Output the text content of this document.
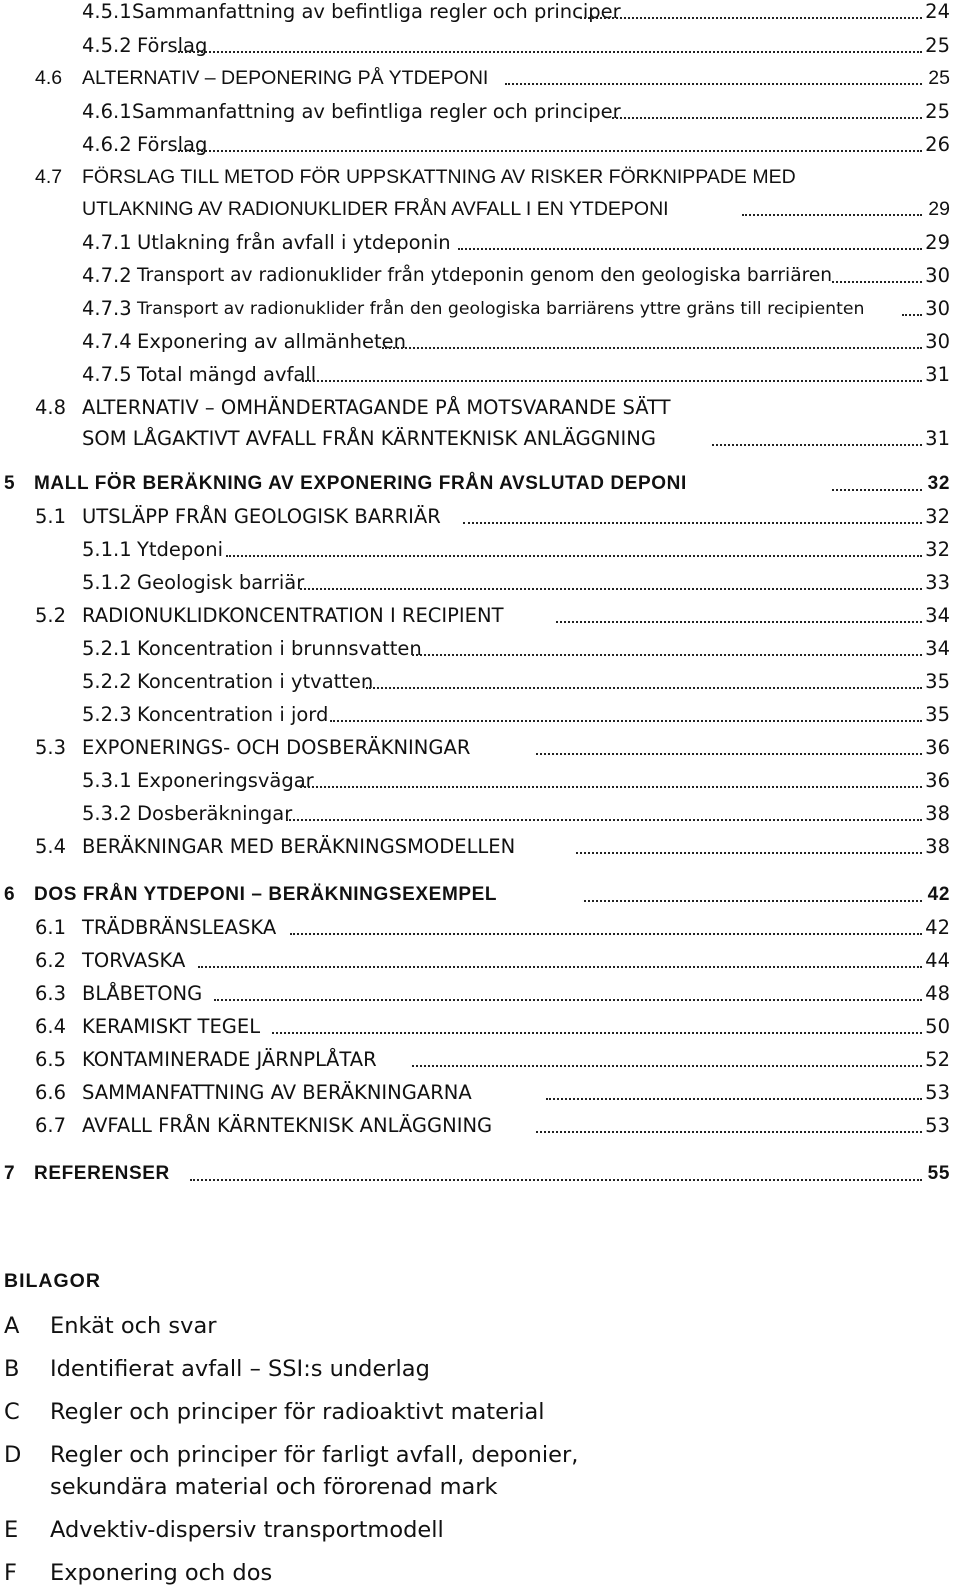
4.5.1 Sammanfattning av befintliga regler och principer	24
4.5.2 Förslag	25
4.6 ALTERNATIV – DEPONERING PÅ YTDEPONI	25
4.6.1 Sammanfattning av befintliga regler och principer	25
4.6.2 Förslag	26
4.7 FÖRSLAG TILL METOD FÖR UPPSKATTNING AV RISKER FÖRKNIPPADE MED
UTLAKNING AV RADIONUKLIDER FRÅN AVFALL I EN YTDEPONI	29
4.7.1 Utlakning från avfall i ytdeponin	29
4.7.2 Transport av radionuklider från ytdeponin genom den geologiska barriären	30
4.7.3 Transport av radionuklider från den geologiska barriärens yttre gräns till recipienten	30
4.7.4 Exponering av allmänheten	30
4.7.5 Total mängd avfall	31
4.8 ALTERNATIV – OMHÄNDERTAGANDE PÅ MOTSVARANDE SÄTT
SOM LÅGAKTIVT AVFALL FRÅN KÄRNTEKNISK ANLÄGGNING	31
5 MALL FÖR BERÄKNING AV EXPONERING FRÅN AVSLUTAD DEPONI	32
5.1 UTSLÄPP FRÅN GEOLOGISK BARRIÄR	32
5.1.1 Ytdeponi	32
5.1.2 Geologisk barriär	33
5.2 RADIONUKLIDKONCENTRATION I RECIPIENT	34
5.2.1 Koncentration i brunnsvatten	34
5.2.2 Koncentration i ytvatten	35
5.2.3 Koncentration i jord	35
5.3 EXPONERINGS- OCH DOSBERÄKNINGAR	36
5.3.1 Exponeringsvägar	36
5.3.2 Dosberäkningar	38
5.4 BERÄKNINGAR MED BERÄKNINGSMODELLEN	38
6 DOS FRÅN YTDEPONI – BERÄKNINGSEXEMPEL	42
6.1 TRÄDBRÄNSLEASKA	42
6.2 TORVASKA	44
6.3 BLÅBETONG	48
6.4 KERAMISKT TEGEL	50
6.5 KONTAMINERADE JÄRNPLÅTAR	52
6.6 SAMMANFATTNING AV BERÄKNINGARNA	53
6.7 AVFALL FRÅN KÄRNTEKNISK ANLÄGGNING	53
7 REFERENSER	55
BILAGOR
A Enkät och svar
B Identifierat avfall – SSI:s underlag
C Regler och principer för radioaktivt material
D Regler och principer för farligt avfall, deponier,
sekundära material och förorenad mark
E Advektiv-dispersiv transportmodell
F Exponering och dos
